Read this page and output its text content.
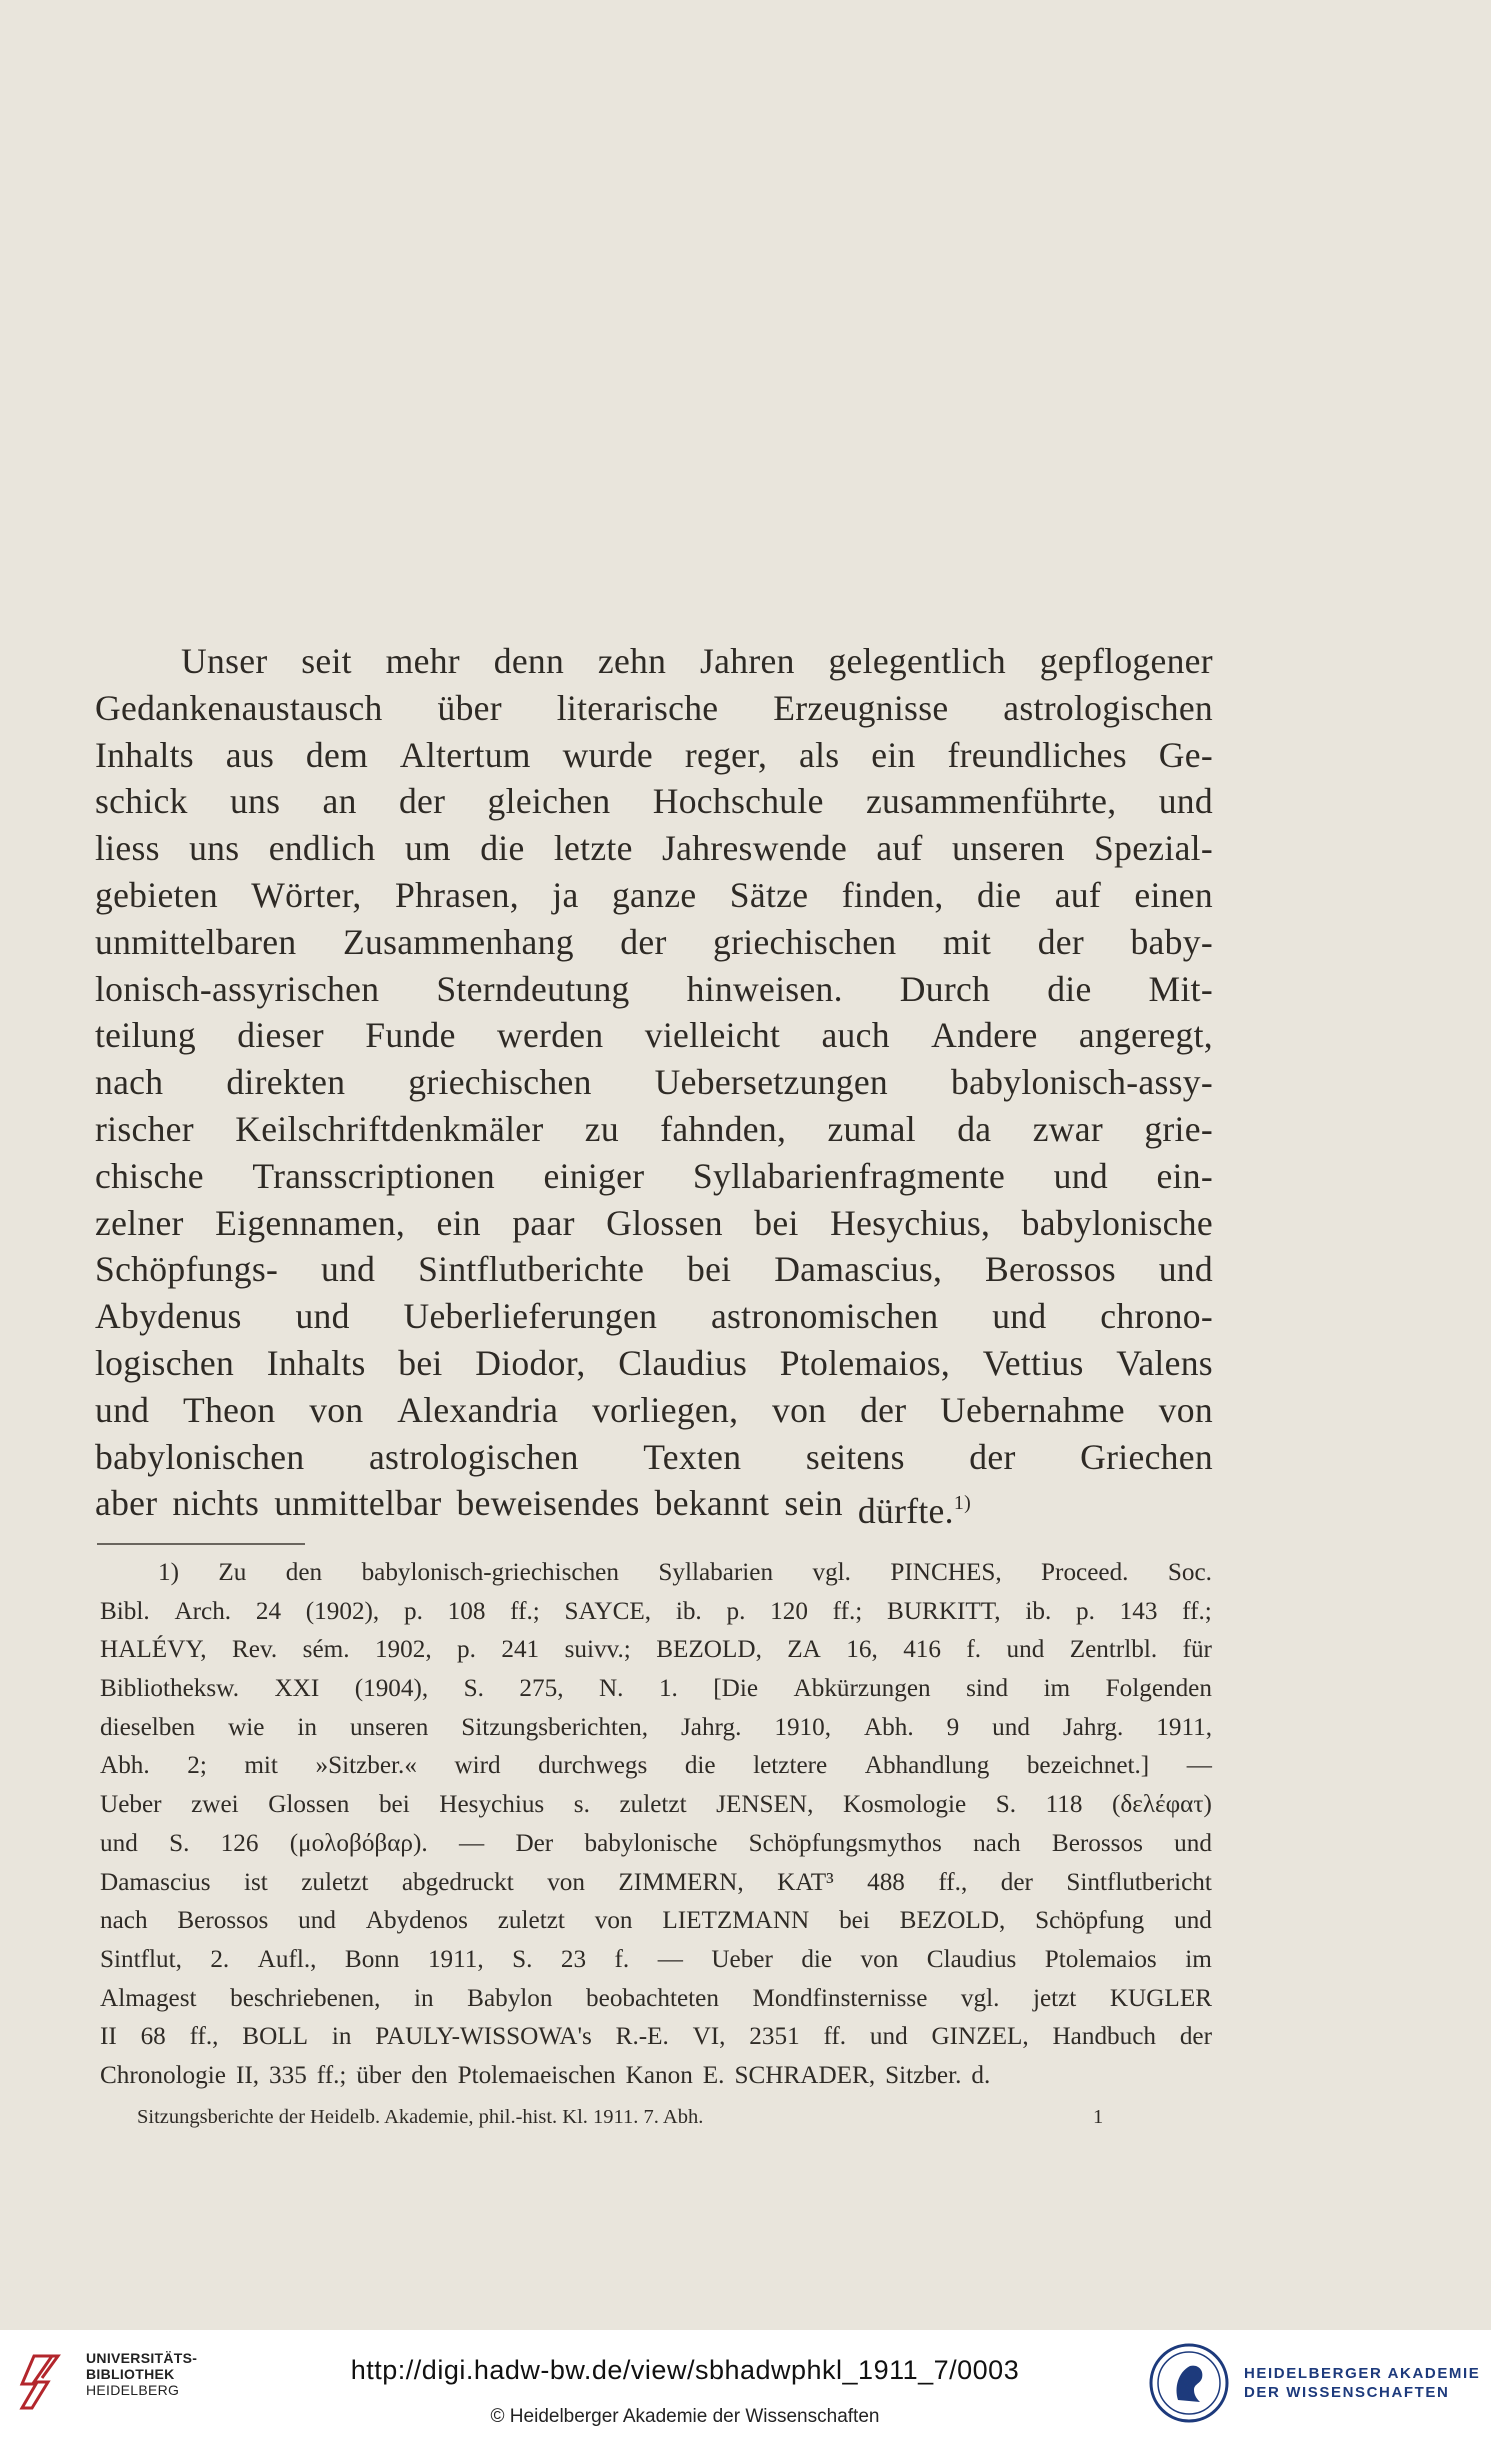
Unser seit mehr denn zehn Jahren gelegentlich gepflogener
Gedankenaustausch über literarische Erzeugnisse astrologischen
Inhalts aus dem Altertum wurde reger, als ein freundliches Ge-
schick uns an der gleichen Hochschule zusammenführte, und
liess uns endlich um die letzte Jahreswende auf unseren Spezial-
gebieten Wörter, Phrasen, ja ganze Sätze finden, die auf einen
unmittelbaren Zusammenhang der griechischen mit der baby-
lonisch-assyrischen Sterndeutung hinweisen. Durch die Mit-
teilung dieser Funde werden vielleicht auch Andere angeregt,
nach direkten griechischen Uebersetzungen babylonisch-assy-
rischer Keilschriftdenkmäler zu fahnden, zumal da zwar grie-
chische Transscriptionen einiger Syllabarienfragmente und ein-
zelner Eigennamen, ein paar Glossen bei Hesychius, babylonische
Schöpfungs- und Sintflutberichte bei Damascius, Berossos und
Abydenus und Ueberlieferungen astronomischen und chrono-
logischen Inhalts bei Diodor, Claudius Ptolemaios, Vettius Valens
und Theon von Alexandria vorliegen, von der Uebernahme von
babylonischen astrologischen Texten seitens der Griechen
aber nichts unmittelbar beweisendes bekannt sein dürfte.$^{1)}$
1) Zu den babylonisch-griechischen Syllabarien vgl. PINCHES, Proceed. Soc.
Bibl. Arch. 24 (1902), p. 108 ff.; SAYCE, ib. p. 120 ff.; BURKITT, ib. p. 143 ff.;
HALÉVY, Rev. sém. 1902, p. 241 suivv.; BEZOLD, ZA 16, 416 f. und Zentrlbl. für
Bibliotheksw. XXI (1904), S. 275, N. 1. [Die Abkürzungen sind im Folgenden
dieselben wie in unseren Sitzungsberichten, Jahrg. 1910, Abh. 9 und Jahrg. 1911,
Abh. 2; mit »Sitzber.« wird durchwegs die letztere Abhandlung bezeichnet.] —
Ueber zwei Glossen bei Hesychius s. zuletzt JENSEN, Kosmologie S. 118 (δελέφατ)
und S. 126 (μολοβόβαρ). — Der babylonische Schöpfungsmythos nach Berossos und
Damascius ist zuletzt abgedruckt von ZIMMERN, KAT³ 488 ff., der Sintflutbericht
nach Berossos und Abydenos zuletzt von LIETZMANN bei BEZOLD, Schöpfung und
Sintflut, 2. Aufl., Bonn 1911, S. 23 f. — Ueber die von Claudius Ptolemaios im
Almagest beschriebenen, in Babylon beobachteten Mondfinsternisse vgl. jetzt KUGLER
II 68 ff., BOLL in PAULY-WISSOWA's R.-E. VI, 2351 ff. und GINZEL, Handbuch der
Chronologie II, 335 ff.; über den Ptolemaeischen Kanon E. SCHRADER, Sitzber. d.
Sitzungsberichte der Heidelb. Akademie, phil.-hist. Kl. 1911. 7. Abh.	1
UNIVERSITÄTS-
BIBLIOTHEK
HEIDELBERG
http://digi.hadw-bw.de/view/sbhadwphkl_1911_7/0003
© Heidelberger Akademie der Wissenschaften
HEIDELBERGER AKADEMIE
DER WISSENSCHAFTEN
